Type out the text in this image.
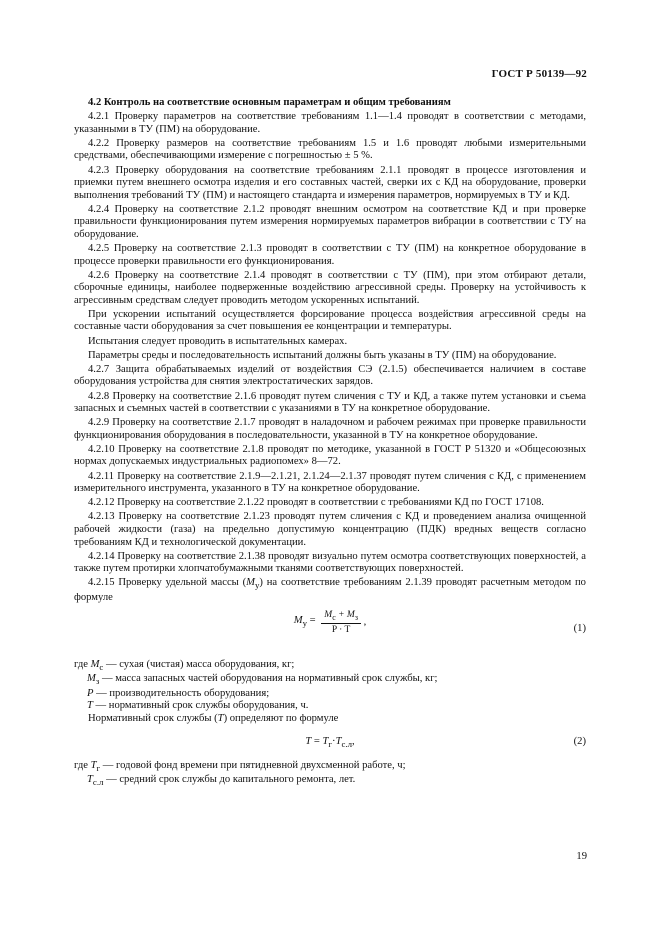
ГОСТ Р 50139—92

4.2 Контроль на соответствие основным параметрам и общим требованиям

4.2.1 Проверку параметров на соответствие требованиям 1.1—1.4 проводят в соответствии с методами, указанными в ТУ (ПМ) на оборудование.

4.2.2 Проверку размеров на соответствие требованиям 1.5 и 1.6 проводят любыми измерительными средствами, обеспечивающими измерение с погрешностью ± 5 %.

4.2.3 Проверку оборудования на соответствие требованиям 2.1.1 проводят в процессе изготовления и приемки путем внешнего осмотра изделия и его составных частей, сверки их с КД на оборудование, проверки выполнения требований ТУ (ПМ) и настоящего стандарта и измерения параметров, нормируемых в ТУ и КД.

4.2.4 Проверку на соответствие 2.1.2 проводят внешним осмотром на соответствие КД и при проверке правильности функционирования путем измерения нормируемых параметров вибрации в соответствии с ТУ на оборудование.

4.2.5 Проверку на соответствие 2.1.3 проводят в соответствии с ТУ (ПМ) на конкретное оборудование в процессе проверки правильности его функционирования.

4.2.6 Проверку на соответствие 2.1.4 проводят в соответствии с ТУ (ПМ), при этом отбирают детали, сборочные единицы, наиболее подверженные воздействию агрессивной среды. Проверку на устойчивость к агрессивным средствам следует проводить методом ускоренных испытаний.

При ускорении испытаний осуществляется форсирование процесса воздействия агрессивной среды на составные части оборудования за счет повышения ее концентрации и температуры.

Испытания следует проводить в испытательных камерах.

Параметры среды и последовательность испытаний должны быть указаны в ТУ (ПМ) на оборудование.

4.2.7 Защита обрабатываемых изделий от воздействия СЭ (2.1.5) обеспечивается наличием в составе оборудования устройства для снятия электростатических зарядов.

4.2.8 Проверку на соответствие 2.1.6 проводят путем сличения с ТУ и КД, а также путем установки и съема запасных и съемных частей в соответствии с указаниями в ТУ на конкретное оборудование.

4.2.9 Проверку на соответствие 2.1.7 проводят в наладочном и рабочем режимах при проверке правильности функционирования оборудования в последовательности, указанной в ТУ на конкретное оборудование.

4.2.10 Проверку на соответствие 2.1.8 проводят по методике, указанной в ГОСТ Р 51320 и «Общесоюзных нормах допускаемых индустриальных радиопомех» 8—72.

4.2.11 Проверку на соответствие 2.1.9—2.1.21, 2.1.24—2.1.37 проводят путем сличения с КД, с применением измерительного инструмента, указанного в ТУ на конкретное оборудование.

4.2.12 Проверку на соответствие 2.1.22 проводят в соответствии с требованиями КД по ГОСТ 17108.

4.2.13 Проверку на соответствие 2.1.23 проводят путем сличения с КД и проведением анализа очищенной рабочей жидкости (газа) на предельно допустимую концентрацию (ПДК) вредных веществ согласно требованиям КД и технологической документации.

4.2.14 Проверку на соответствие 2.1.38 проводят визуально путем осмотра соответствующих поверхностей, а также путем протирки хлопчатобумажными тканями соответствующих поверхностей.

4.2.15 Проверку удельной массы $(M_у)$ на соответствие требованиям 2.1.39 проводят расчетным методом по формуле

$M_у = \frac{M_c + M_з}{P \cdot T}$ ,
(1)

где $M_c$ — сухая (чистая) масса оборудования, кг;

$M_з$ — масса запасных частей оборудования на нормативный срок службы, кг;

P — производительность оборудования;

T — нормативный срок службы оборудования, ч.

Нормативный срок службы (T) определяют по формуле

$T = T_г\cdot T_{с.л}$,	(2)

где $T_г$ — годовой фонд времени при пятидневной двухсменной работе, ч;

$T_{с.л}$ — средний срок службы до капитального ремонта, лет.

19
